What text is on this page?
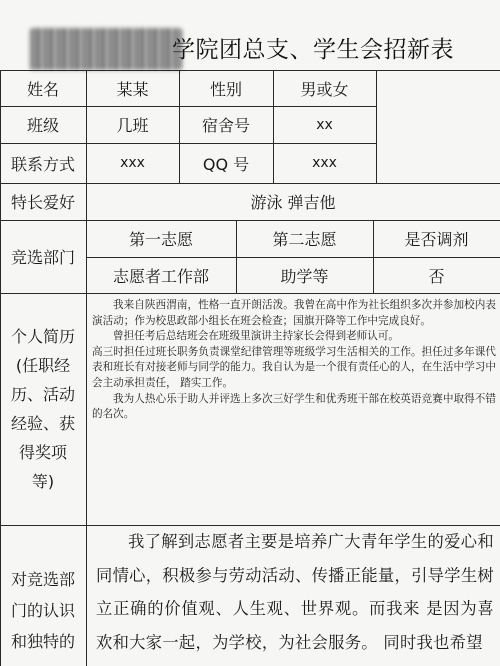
学院团总支、学生会招新表
姓名	某某	性别	男或女
班级	几班	宿舍号	xx
联系方式	xxx	QQ 号	xxx
特长爱好	游泳 弹吉他
竞选部门
第一志愿	第二志愿	是否调剂
志愿者工作部	助学等	否
个人简历
(任职经
历、活动
经验、获
得奖项
等)

我来自陕西渭南，性格一直开朗活泼。我曾在高中作为社长组织多次并参加校内表演活动；作为校思政部小组长在班会检查；国旗开降等工作中完成良好。

曾担任考后总结班会在班级里演讲主持家长会得到老师认可。

高三时担任过班长职务负责课堂纪律管理等班级学习生活相关的工作。担任过多年课代表和班长有对接老师与同学的能力。我自认为是一个很有责任心的人，在生活中学习中会主动承担责任， 踏实工作。

我为人热心乐于助人并评选上多次三好学生和优秀班干部在校英语竞赛中取得不错的名次。

对竞选部
门的认识
和独特的

我了解到志愿者主要是培养广大青年学生的爱心和同情心，积极参与劳动活动、传播正能量，引导学生树立正确的价值观、人生观、世界观。而我来 是因为喜欢和大家一起，为学校，为社会服务。 同时我也希望
